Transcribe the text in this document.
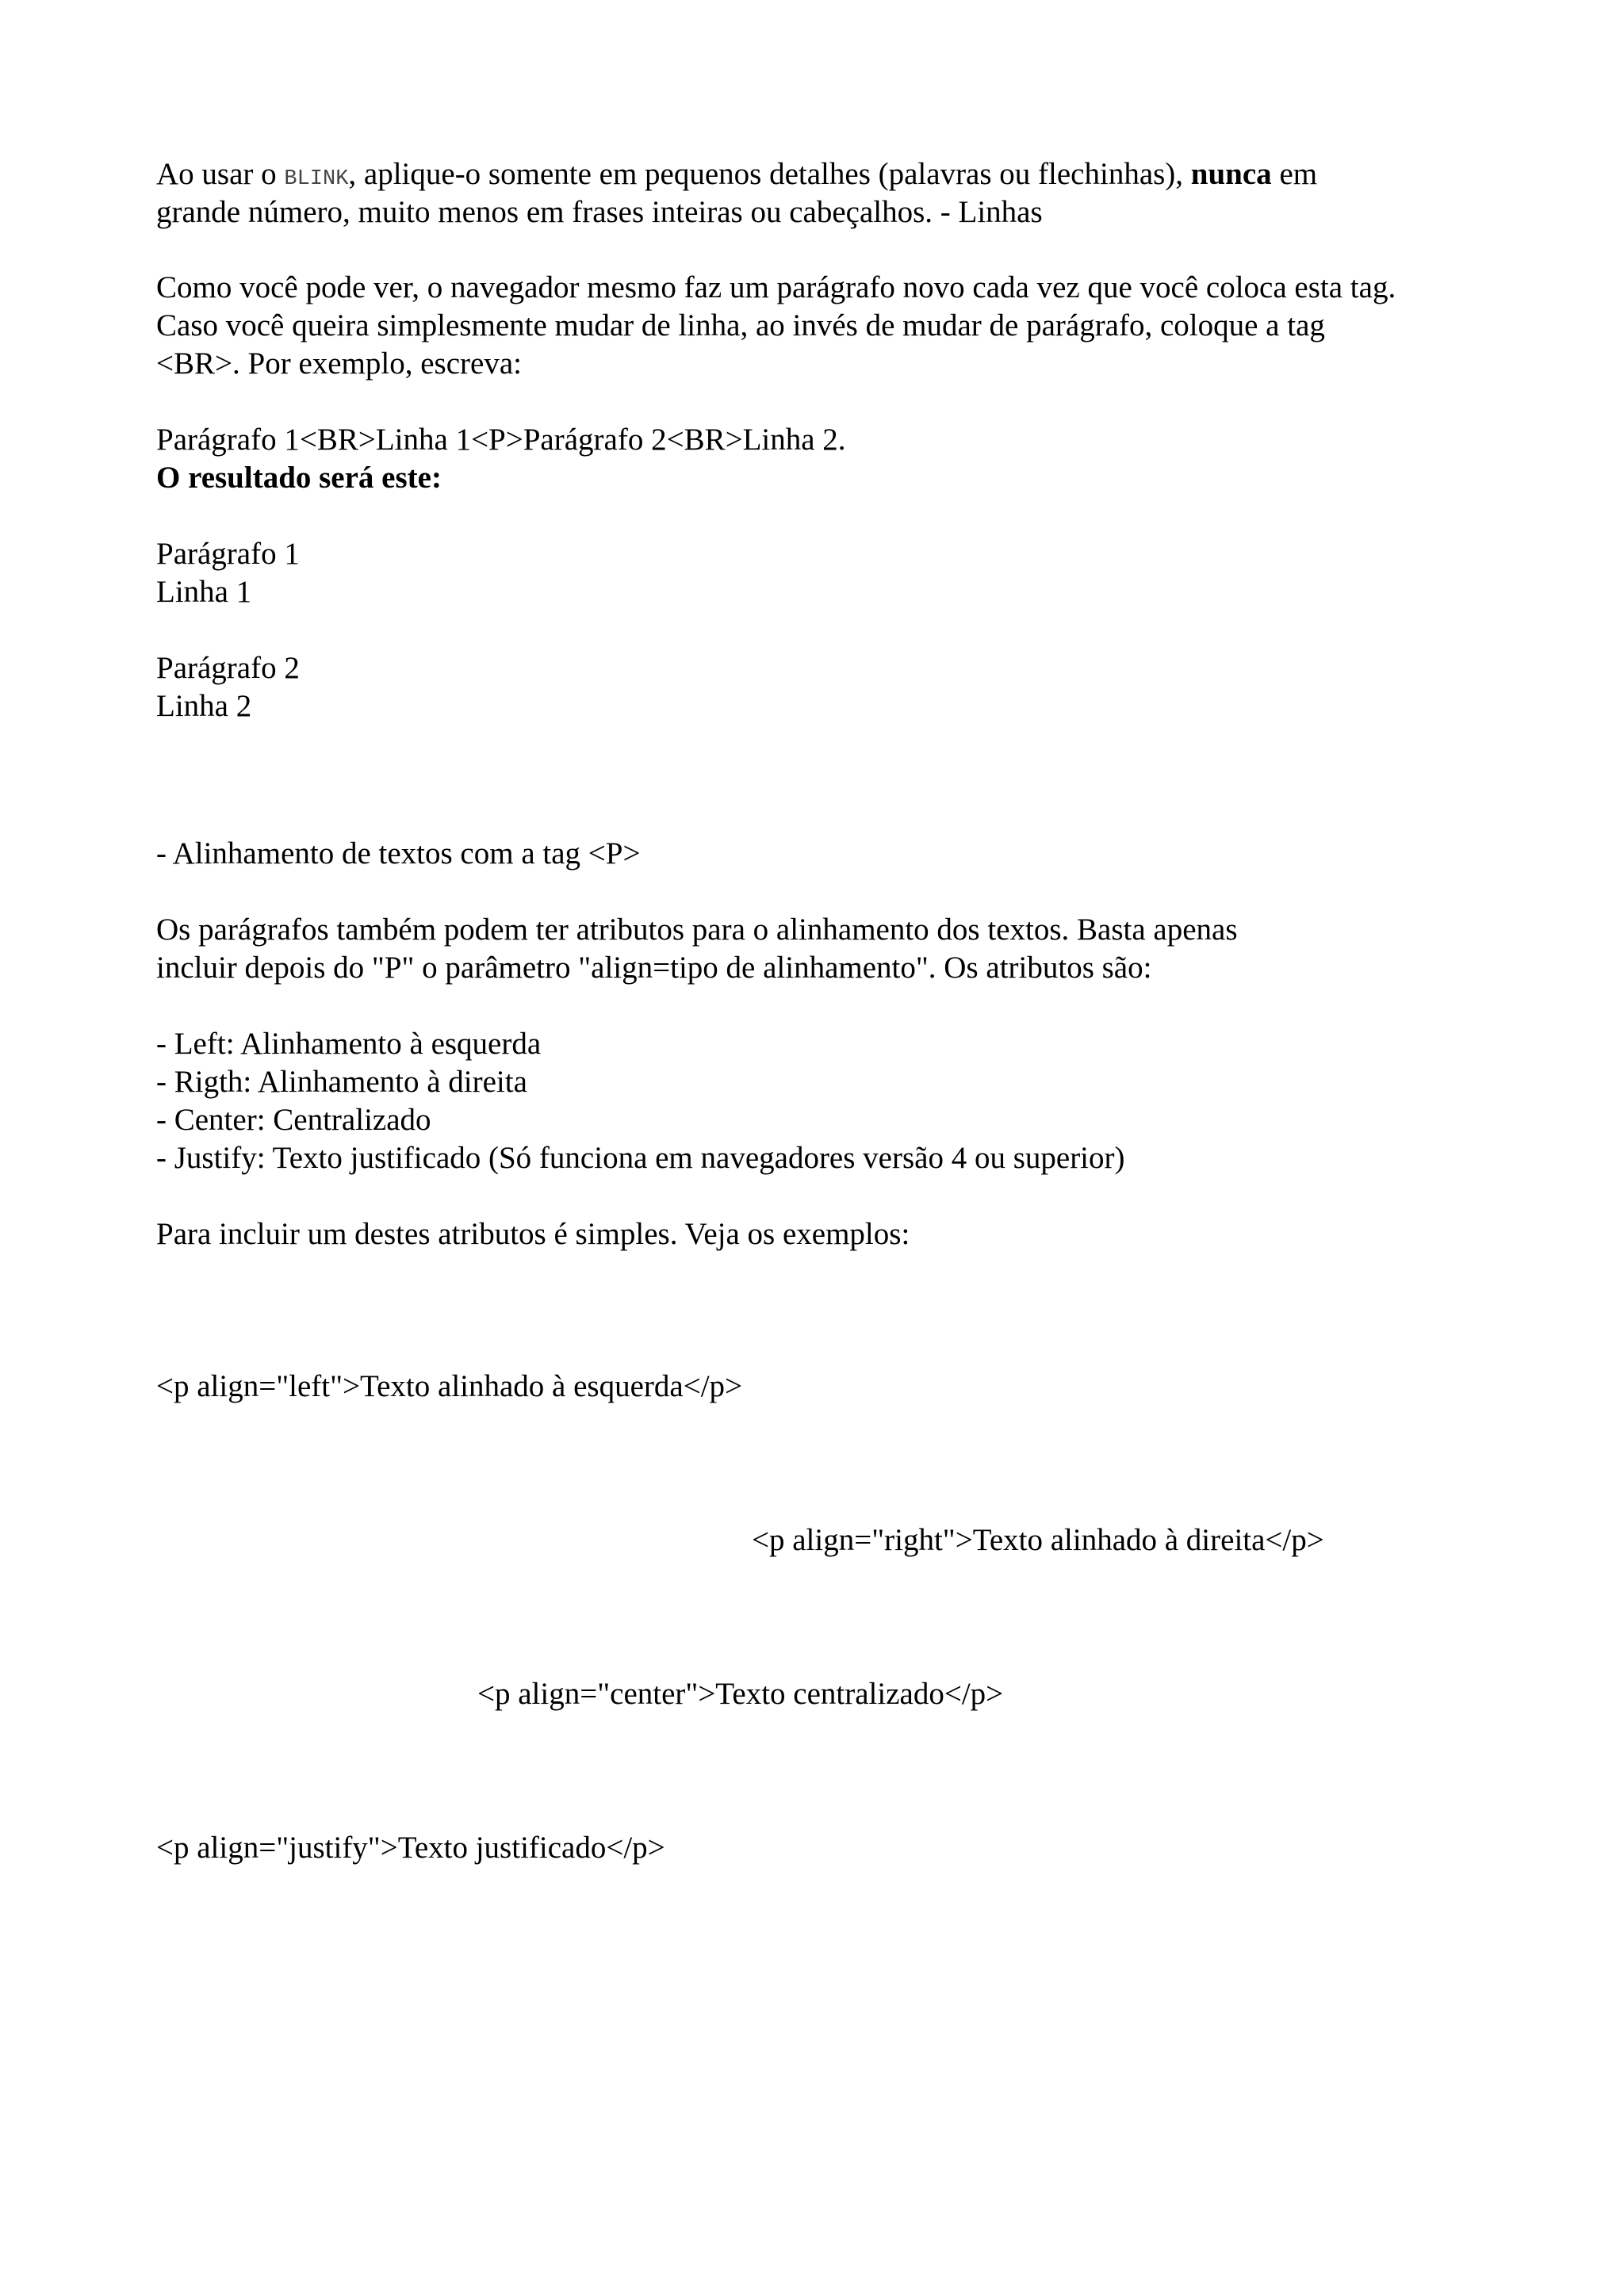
Ao usar o BLINK, aplique-o somente em pequenos detalhes (palavras ou flechinhas), nunca em

grande número, muito menos em frases inteiras ou cabeçalhos. - Linhas

Como você pode ver, o navegador mesmo faz um parágrafo novo cada vez que você coloca esta tag.

Caso você queira simplesmente mudar de linha, ao invés de mudar de parágrafo, coloque a tag

<BR>. Por exemplo, escreva:

Parágrafo 1<BR>Linha 1<P>Parágrafo 2<BR>Linha 2.

O resultado será este:

Parágrafo 1

Linha 1

Parágrafo 2

Linha 2

- Alinhamento de textos com a tag <P>

Os parágrafos também podem ter atributos para o alinhamento dos textos. Basta apenas

incluir depois do "P" o parâmetro "align=tipo de alinhamento". Os atributos são:

- Left: Alinhamento à esquerda

- Rigth: Alinhamento à direita

- Center: Centralizado

- Justify: Texto justificado (Só funciona em navegadores versão 4 ou superior)

Para incluir um destes atributos é simples. Veja os exemplos:

<p align="left">Texto alinhado à esquerda</p>

<p align="right">Texto alinhado à direita</p>

<p align="center">Texto centralizado</p>

<p align="justify">Texto justificado</p>
